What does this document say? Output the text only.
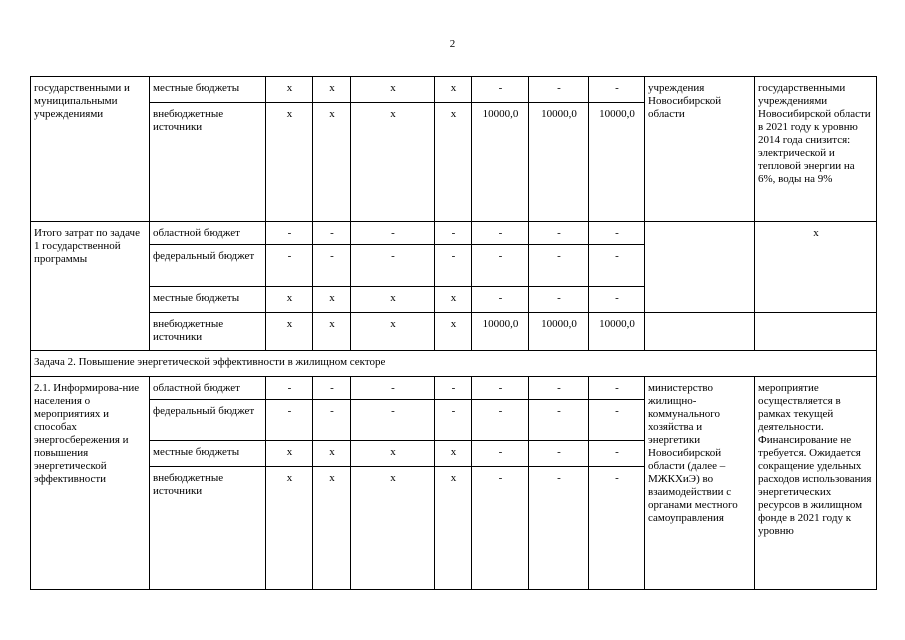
2
государственными и муниципальными учреждениями	местные бюджеты	x	x	x	x	-	-	-	учреждения Новосибирской области	государственными учреждениями Новосибирской области в 2021 году к уровню 2014 года снизится: электрической и тепловой энергии на 6%, воды на 9%
	внебюджетные источники	x	x	x	x	10000,0	10000,0	10000,0		
Итого затрат по задаче 1 государственной программы	областной бюджет	-	-	-	-	-	-	-		x
	федеральный бюджет	-	-	-	-	-	-	-		
	местные бюджеты	x	x	x	x	-	-	-		
	внебюджетные источники	x	x	x	x	10000,0	10000,0	10000,0		
Задача 2. Повышение энергетической эффективности в жилищном секторе										
2.1. Информирова-ние населения о мероприятиях и способах энергосбережения и повышения энергетической эффективности	областной бюджет	-	-	-	-	-	-	-	министерство жилищно-коммунального хозяйства и энергетики Новосибирской области (далее – МЖКХиЭ) во взаимодействии с органами местного самоуправления	мероприятие осуществляется в рамках текущей деятельности. Финансирование не требуется. Ожидается сокращение удельных расходов использования энергетических ресурсов в жилищном фонде в 2021 году к уровню
	федеральный бюджет	-	-	-	-	-	-	-		
	местные бюджеты	x	x	x	x	-	-	-		
	внебюджетные источники	x	x	x	x	-	-	-		
